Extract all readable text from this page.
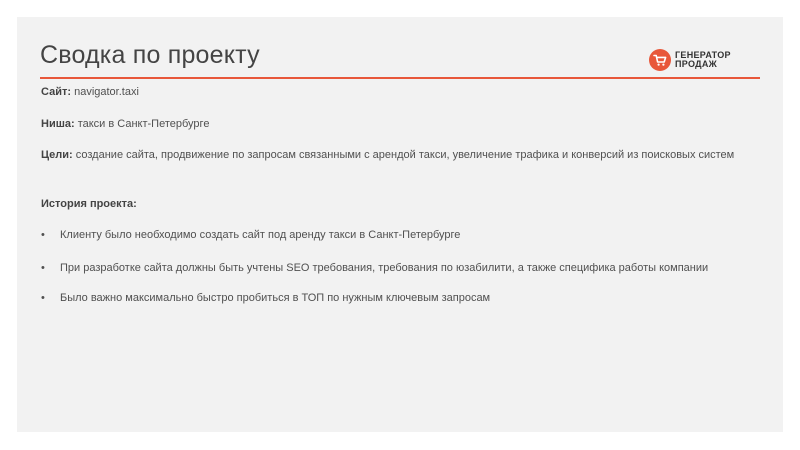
Сводка по проекту	ГЕНЕРАТОР
ПРОДАЖ
Сайт: navigator.taxi
Ниша: такси в Санкт-Петербурге
Цели: создание сайта, продвижение по запросам связанными с арендой такси, увеличение трафика и конверсий из поисковых систем
История проекта:
• Клиенту было необходимо создать сайт под аренду такси в Санкт-Петербурге
• При разработке сайта должны быть учтены SEO требования, требования по юзабилити, а также специфика работы компании
• Было важно максимально быстро пробиться в ТОП по нужным ключевым запросам
